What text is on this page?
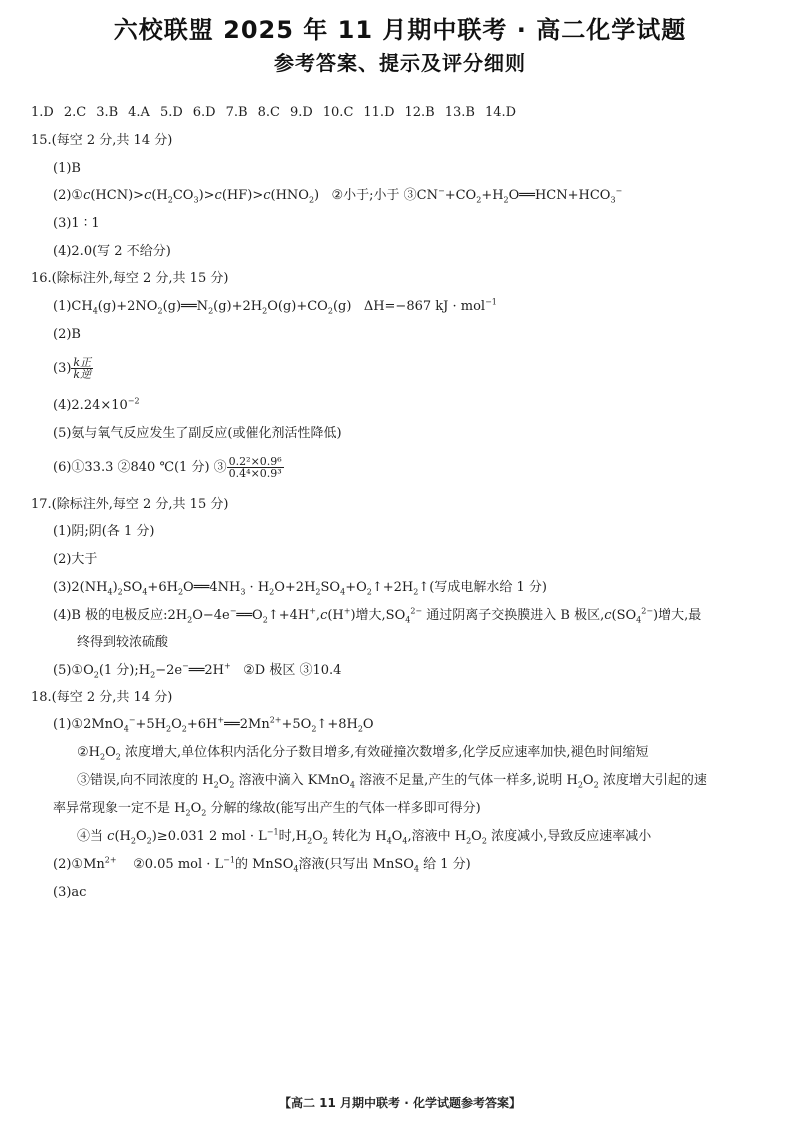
六校联盟 2025 年 11 月期中联考 · 高二化学试题
参考答案、提示及评分细则
1.D 2.C 3.B 4.A 5.D 6.D 7.B 8.C 9.D 10.C 11.D 12.B 13.B 14.D
15.(每空 2 分,共 14 分)
(1)B
$(2)①c(HCN)>c(H_2CO_3)>c(HF)>c(HNO_2)$   ②小于;小于 $③CN^-+CO_2+H_2O══HCN+HCO_3^-$
(3)1 ∶ 1
(4)2.0(写 2 不给分)
16.(除标注外,每空 2 分,共 15 分)
$(1)CH_4(g)+2NO_2(g)══N_2(g)+2H_2O(g)+CO_2(g)$   ΔH=−867 kJ · mol$^{-1}$
(2)B
$(3) \frac{\text{k正}}{\text{k逆}}$
$(4)2.24\times 10^{-2}$
(5)氨与氧气反应发生了副反应(或催化剂活性降低)
(6)①33.3 ②840 ℃(1 分) ③ $\frac{\text{0.2²×0.9⁶}}{\text{0.4⁴×0.9³}}$
17.(除标注外,每空 2 分,共 15 分)
(1)阴;阴(各 1 分)
(2)大于
$(3)2(NH_4)_2SO_4+6H_2O══4NH_3$ · $H_2O+2H_2SO_4+O_2↑+2H_2↑$(写成电解水给 1 分)
(4)B 极的电极反应$:2H_2O-4e^-══O_2↑+4H^+,c(H^+)$增大$,SO_4^{2-}$ 通过阴离子交换膜进入 B 极区$,c(SO_4^{2-})$增大,最
终得到较浓硫酸
$(5)①O_2(1$ 分)$;H_2-2e^-══2H^+$ ②D 极区 ③10.4
18.(每空 2 分,共 14 分)
$(1)①2MnO_4^-+5H_2O_2+6H^+══2Mn^{2+}+5O_2↑+8H_2O$
$②H_2O_2$ 浓度增大,单位体积内活化分子数目增多,有效碰撞次数增多,化学反应速率加快,褪色时间缩短
③错误,向不同浓度的 $H_2O_2$ 溶液中滴入 KMnO$_4$ 溶液不足量,产生的气体一样多,说明 $H_2O_2$ 浓度增大引起的速
率异常现象一定不是 $H_2O_2$ 分解的缘故(能写出产生的气体一样多即可得分)
④当 $c(H_2O_2)\ge 0.031$ 2 mol · $L^{-1}$时$,H_2O_2$ 转化为 $H_4O_4$,溶液中 $H_2O_2$ 浓度减小,导致反应速率减小
$(2)①Mn^{2+}$ ②0.05 mol · $L^{-1}$的 MnSO$_4$溶液(只写出 MnSO$_4$ 给 1 分)
(3)ac
【高二 11 月期中联考 · 化学试题参考答案】
